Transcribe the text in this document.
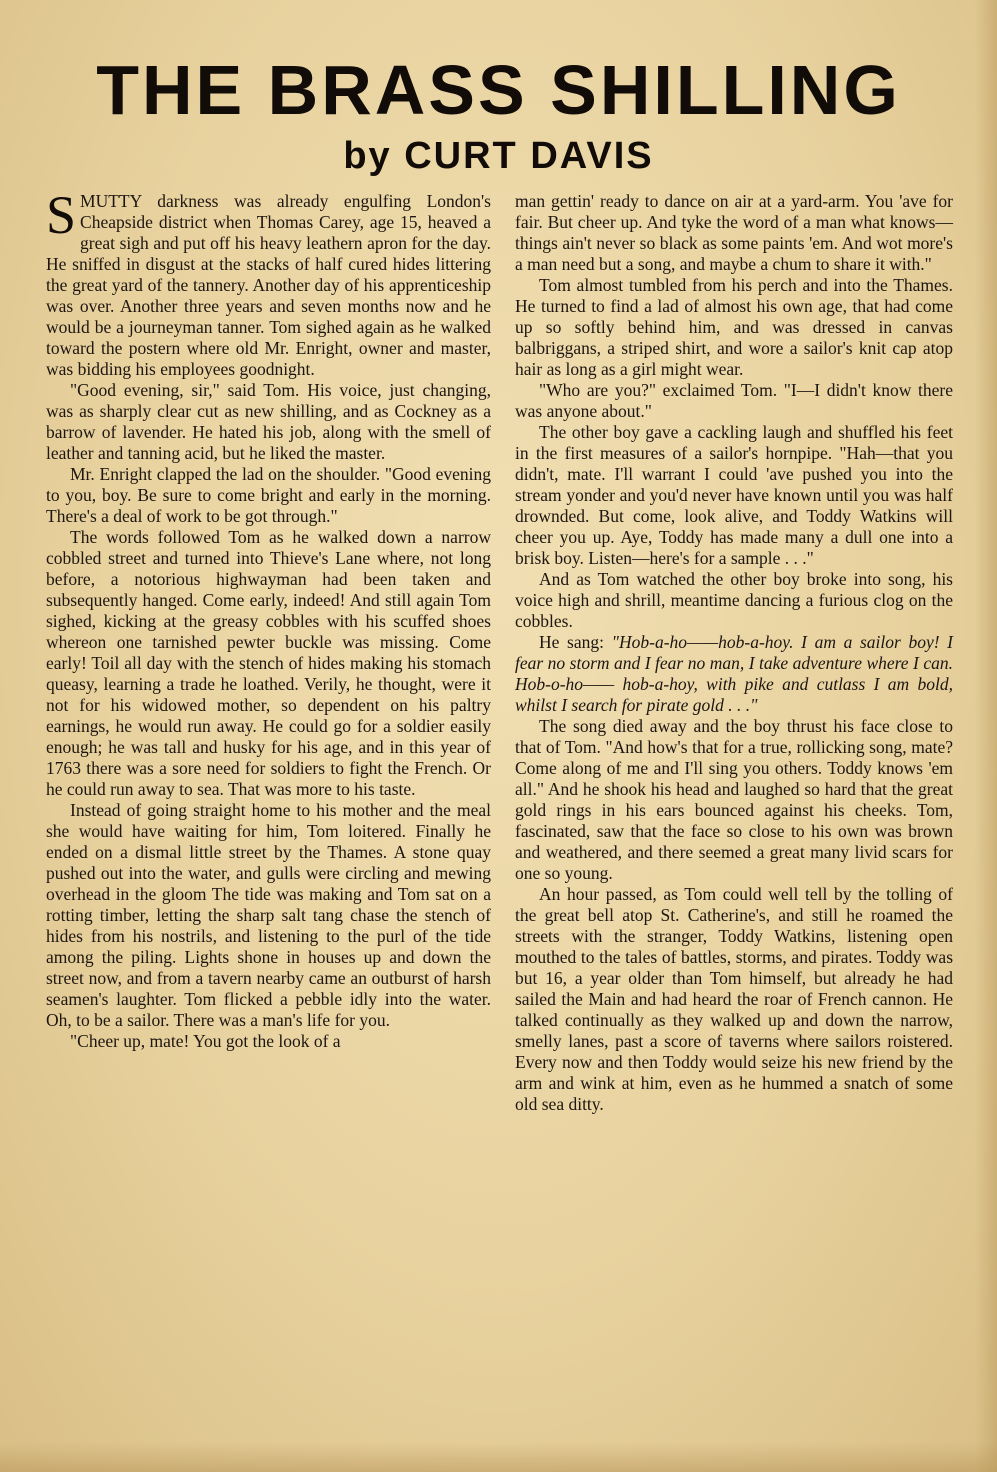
THE BRASS SHILLING
by CURT DAVIS

SMUTTY darkness was already engulfing London's Cheapside district when Thomas Carey, age 15, heaved a great sigh and put off his heavy leathern apron for the day. He sniffed in disgust at the stacks of half cured hides littering the great yard of the tannery. Another day of his apprenticeship was over. Another three years and seven months now and he would be a journeyman tanner. Tom sighed again as he walked toward the postern where old Mr. Enright, owner and master, was bidding his employees goodnight.

"Good evening, sir," said Tom. His voice, just changing, was as sharply clear cut as new shilling, and as Cockney as a barrow of lavender. He hated his job, along with the smell of leather and tanning acid, but he liked the master.

Mr. Enright clapped the lad on the shoulder. "Good evening to you, boy. Be sure to come bright and early in the morning. There's a deal of work to be got through."

The words followed Tom as he walked down a narrow cobbled street and turned into Thieve's Lane where, not long before, a notorious highwayman had been taken and subsequently hanged. Come early, indeed! And still again Tom sighed, kicking at the greasy cobbles with his scuffed shoes whereon one tarnished pewter buckle was missing. Come early! Toil all day with the stench of hides making his stomach queasy, learning a trade he loathed. Verily, he thought, were it not for his widowed mother, so dependent on his paltry earnings, he would run away. He could go for a soldier easily enough; he was tall and husky for his age, and in this year of 1763 there was a sore need for soldiers to fight the French. Or he could run away to sea. That was more to his taste.

Instead of going straight home to his mother and the meal she would have waiting for him, Tom loitered. Finally he ended on a dismal little street by the Thames. A stone quay pushed out into the water, and gulls were circling and mewing overhead in the gloom The tide was making and Tom sat on a rotting timber, letting the sharp salt tang chase the stench of hides from his nostrils, and listening to the purl of the tide among the piling. Lights shone in houses up and down the street now, and from a tavern nearby came an outburst of harsh seamen's laughter. Tom flicked a pebble idly into the water. Oh, to be a sailor. There was a man's life for you.

"Cheer up, mate! You got the look of a

man gettin' ready to dance on air at a yard-arm. You 'ave for fair. But cheer up. And tyke the word of a man what knows—things ain't never so black as some paints 'em. And wot more's a man need but a song, and maybe a chum to share it with."

Tom almost tumbled from his perch and into the Thames. He turned to find a lad of almost his own age, that had come up so softly behind him, and was dressed in canvas balbriggans, a striped shirt, and wore a sailor's knit cap atop hair as long as a girl might wear.

"Who are you?" exclaimed Tom. "I—I didn't know there was anyone about."

The other boy gave a cackling laugh and shuffled his feet in the first measures of a sailor's hornpipe. "Hah—that you didn't, mate. I'll warrant I could 'ave pushed you into the stream yonder and you'd never have known until you was half drownded. But come, look alive, and Toddy Watkins will cheer you up. Aye, Toddy has made many a dull one into a brisk boy. Listen—here's for a sample . . ."

And as Tom watched the other boy broke into song, his voice high and shrill, meantime dancing a furious clog on the cobbles.

He sang: "Hob-a-ho——hob-a-hoy. I am a sailor boy! I fear no storm and I fear no man, I take adventure where I can. Hob-o-ho—— hob-a-hoy, with pike and cutlass I am bold, whilst I search for pirate gold . . ."

The song died away and the boy thrust his face close to that of Tom. "And how's that for a true, rollicking song, mate? Come along of me and I'll sing you others. Toddy knows 'em all." And he shook his head and laughed so hard that the great gold rings in his ears bounced against his cheeks. Tom, fascinated, saw that the face so close to his own was brown and weathered, and there seemed a great many livid scars for one so young.

An hour passed, as Tom could well tell by the tolling of the great bell atop St. Catherine's, and still he roamed the streets with the stranger, Toddy Watkins, listening open mouthed to the tales of battles, storms, and pirates. Toddy was but 16, a year older than Tom himself, but already he had sailed the Main and had heard the roar of French cannon. He talked continually as they walked up and down the narrow, smelly lanes, past a score of taverns where sailors roistered. Every now and then Toddy would seize his new friend by the arm and wink at him, even as he hummed a snatch of some old sea ditty.
